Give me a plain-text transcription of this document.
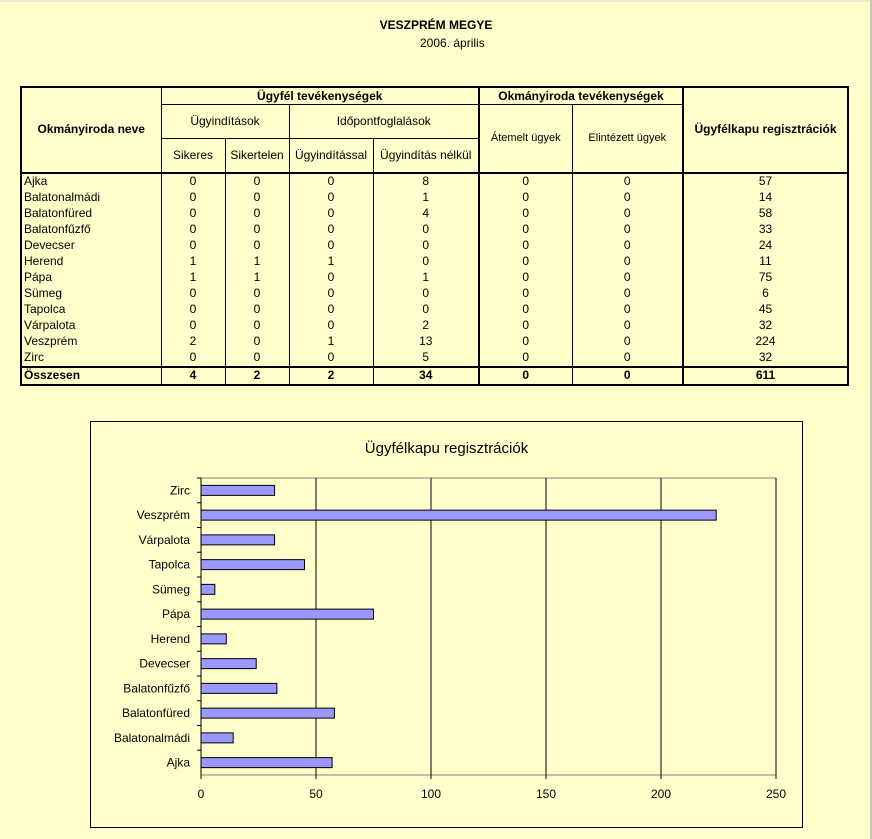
VESZPRÉM MEGYE
2006. április
Okmányiroda neve	Ügyfél tevékenységek				Okmányiroda tevékenységek		Ügyfélkapu regisztrációk
	Ügyindítások		Időpontfoglalások		Átemelt ügyek	Elintézett ügyek	
	Sikeres	Sikertelen	Ügyindítással	Ügyindítás nélkül			
Ajka	0	0	0	8	0	0	57
Balatonalmádi	0	0	0	1	0	0	14
Balatonfüred	0	0	0	4	0	0	58
Balatonfűzfő	0	0	0	0	0	0	33
Devecser	0	0	0	0	0	0	24
Herend	1	1	1	0	0	0	11
Pápa	1	1	0	1	0	0	75
Sümeg	0	0	0	0	0	0	6
Tapolca	0	0	0	0	0	0	45
Várpalota	0	0	0	2	0	0	32
Veszprém	2	0	1	13	0	0	224
Zirc	0	0	0	5	0	0	32
Összesen	4	2	2	34	0	0	611
Ügyfélkapu regisztrációk
0	50	100	150	200	250
Zirc
Veszprém
Várpalota
Tapolca
Sümeg
Pápa
Herend
Devecser
Balatonfűzfő
Balatonfüred
Balatonalmádi
Ajka
